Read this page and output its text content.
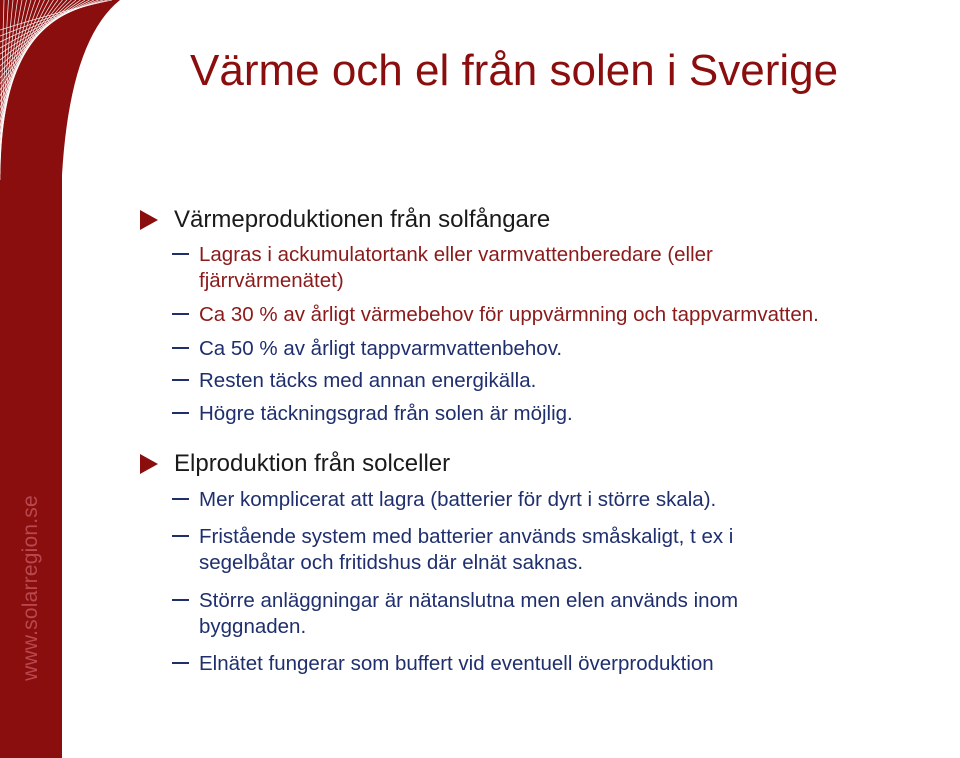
www.solarregion.se
Värme och el från solen i Sverige
Värmeproduktionen från solfångare
Lagras i ackumulatortank eller varmvattenberedare (eller
fjärrvärmenätet)
Ca 30 % av årligt värmebehov för uppvärmning och tappvarmvatten.
Ca 50 % av årligt tappvarmvattenbehov.
Resten täcks med annan energikälla.
Högre täckningsgrad från solen är möjlig.
Elproduktion från solceller
Mer komplicerat att lagra (batterier för dyrt i större skala).
Fristående system med batterier används småskaligt, t ex i
segelbåtar och fritidshus där elnät saknas.
Större anläggningar är nätanslutna men elen används inom
byggnaden.
Elnätet fungerar som buffert vid eventuell överproduktion
